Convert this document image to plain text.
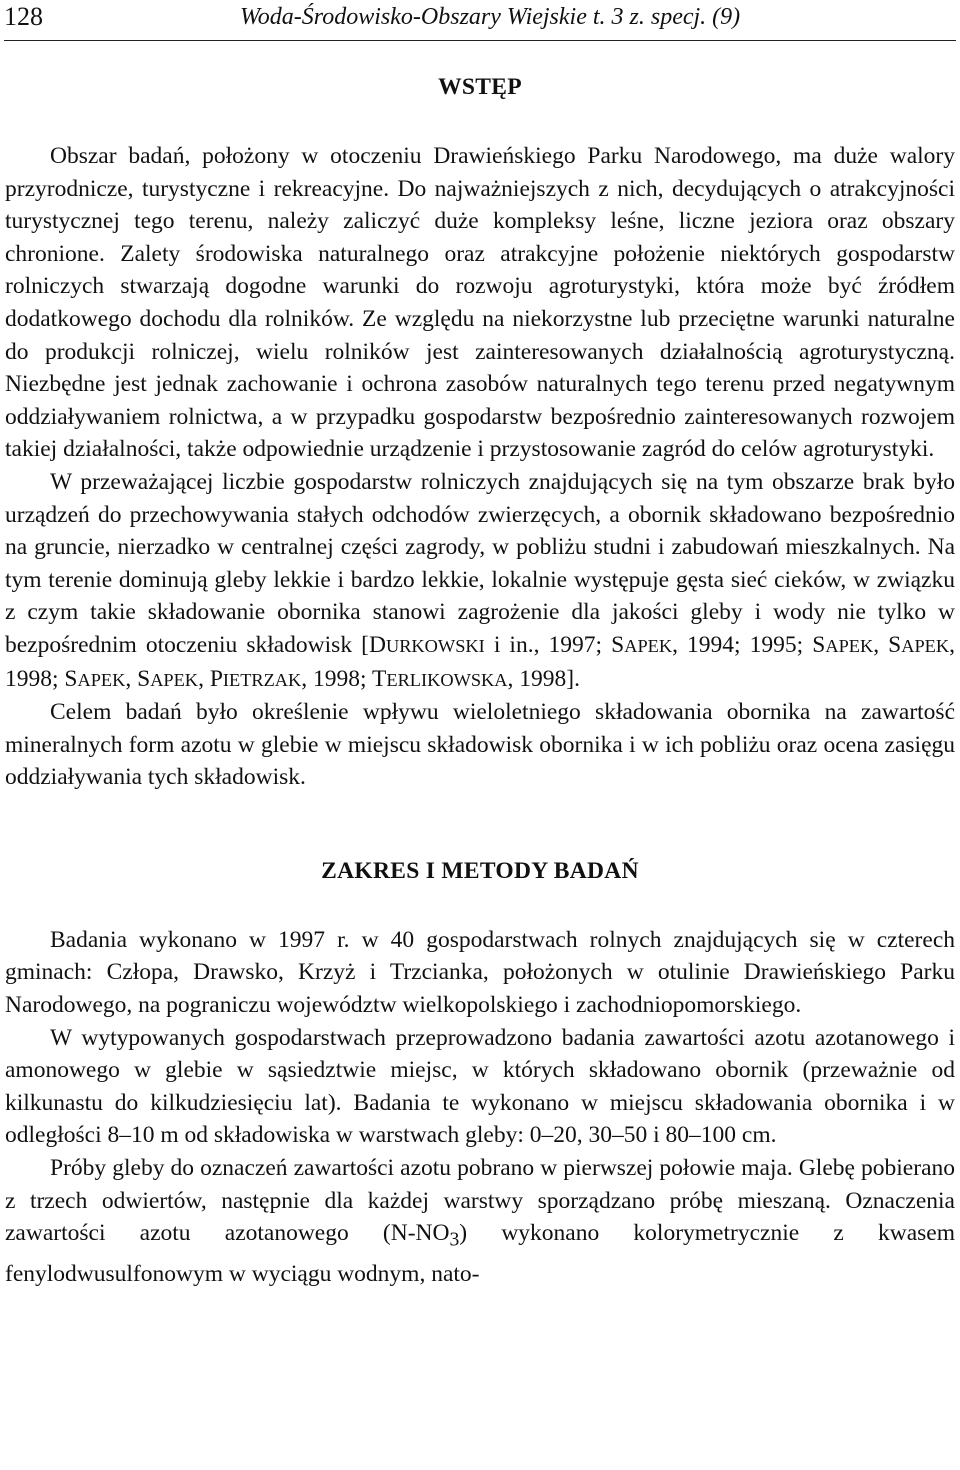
128	Woda-Środowisko-Obszary Wiejskie t. 3 z. specj. (9)
WSTĘP

Obszar badań, położony w otoczeniu Drawieńskiego Parku Narodowego, ma duże walory przyrodnicze, turystyczne i rekreacyjne. Do najważniejszych z nich, decydujących o atrakcyjności turystycznej tego terenu, należy zaliczyć duże kompleksy leśne, liczne jeziora oraz obszary chronione. Zalety środowiska naturalnego oraz atrakcyjne położenie niektórych gospodarstw rolniczych stwarzają dogodne warunki do rozwoju agroturystyki, która może być źródłem dodatkowego dochodu dla rolników. Ze względu na niekorzystne lub przeciętne warunki naturalne do produkcji rolniczej, wielu rolników jest zainteresowanych działalnością agroturystyczną. Niezbędne jest jednak zachowanie i ochrona zasobów naturalnych tego terenu przed negatywnym oddziaływaniem rolnictwa, a w przypadku gospodarstw bezpośrednio zainteresowanych rozwojem takiej działalności, także odpowiednie urządzenie i przystosowanie zagród do celów agroturystyki.

W przeważającej liczbie gospodarstw rolniczych znajdujących się na tym obszarze brak było urządzeń do przechowywania stałych odchodów zwierzęcych, a obornik składowano bezpośrednio na gruncie, nierzadko w centralnej części zagrody, w pobliżu studni i zabudowań mieszkalnych. Na tym terenie dominują gleby lekkie i bardzo lekkie, lokalnie występuje gęsta sieć cieków, w związku z czym takie składowanie obornika stanowi zagrożenie dla jakości gleby i wody nie tylko w bezpośrednim otoczeniu składowisk [DURKOWSKI i in., 1997; SAPEK, 1994; 1995; SAPEK, SAPEK, 1998; SAPEK, SAPEK, PIETRZAK, 1998; TERLIKOWSKA, 1998].

Celem badań było określenie wpływu wieloletniego składowania obornika na zawartość mineralnych form azotu w glebie w miejscu składowisk obornika i w ich pobliżu oraz ocena zasięgu oddziaływania tych składowisk.

ZAKRES I METODY BADAŃ

Badania wykonano w 1997 r. w 40 gospodarstwach rolnych znajdujących się w czterech gminach: Człopa, Drawsko, Krzyż i Trzcianka, położonych w otulinie Drawieńskiego Parku Narodowego, na pograniczu województw wielkopolskiego i zachodniopomorskiego.

W wytypowanych gospodarstwach przeprowadzono badania zawartości azotu azotanowego i amonowego w glebie w sąsiedztwie miejsc, w których składowano obornik (przeważnie od kilkunastu do kilkudziesięciu lat). Badania te wykonano w miejscu składowania obornika i w odległości 8–10 m od składowiska w warstwach gleby: 0–20, 30–50 i 80–100 cm.

Próby gleby do oznaczeń zawartości azotu pobrano w pierwszej połowie maja. Glebę pobierano z trzech odwiertów, następnie dla każdej warstwy sporządzano próbę mieszaną. Oznaczenia zawartości azotu azotanowego $(N-NO_3)$ wykonano kolorymetrycznie z kwasem fenylodwusulfonowym w wyciągu wodnym, nato-
